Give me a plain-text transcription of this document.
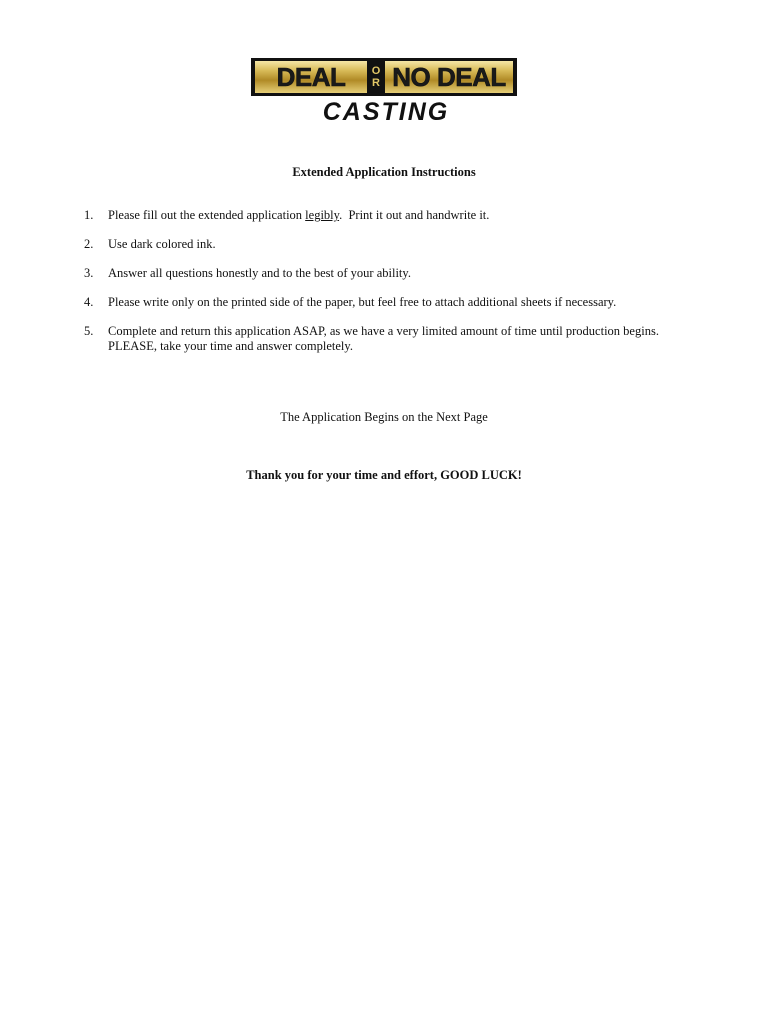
DEAL	O
R NO DEAL
CASTING
Extended Application Instructions
1. Please fill out the extended application legibly.  Print it out and handwrite it.
2. Use dark colored ink.
3. Answer all questions honestly and to the best of your ability.
4. Please write only on the printed side of the paper, but feel free to attach additional sheets if necessary.
5. Complete and return this application ASAP, as we have a very limited amount of time until production begins.
PLEASE, take your time and answer completely.
The Application Begins on the Next Page
Thank you for your time and effort, GOOD LUCK!
